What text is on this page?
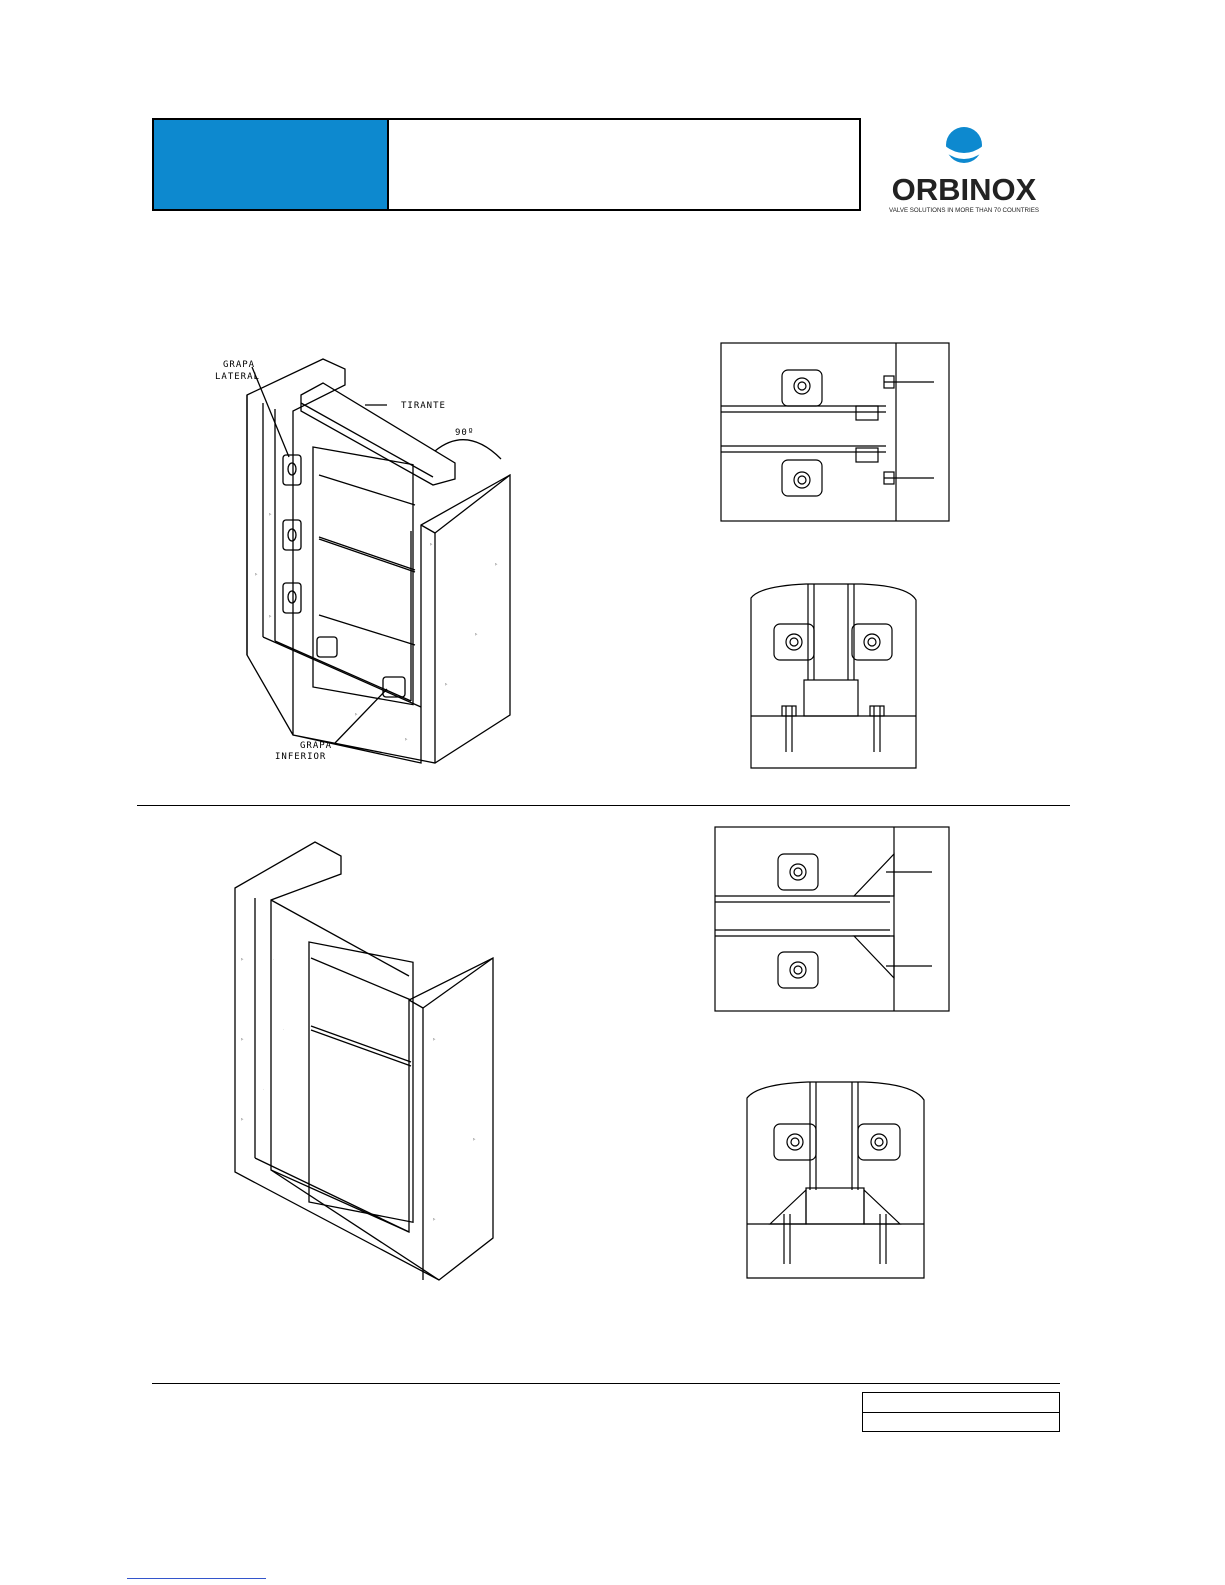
ORBINOX
VALVE SOLUTIONS IN MORE THAN 70 COUNTRIES
▷
▷
▷
▷
▷
▷
▷
▷
▷
GRAPA
LATERAL
TIRANTE
90º
GRAPA
INFERIOR
·
·
·
▷
▷
▷
▷
▷
▷
